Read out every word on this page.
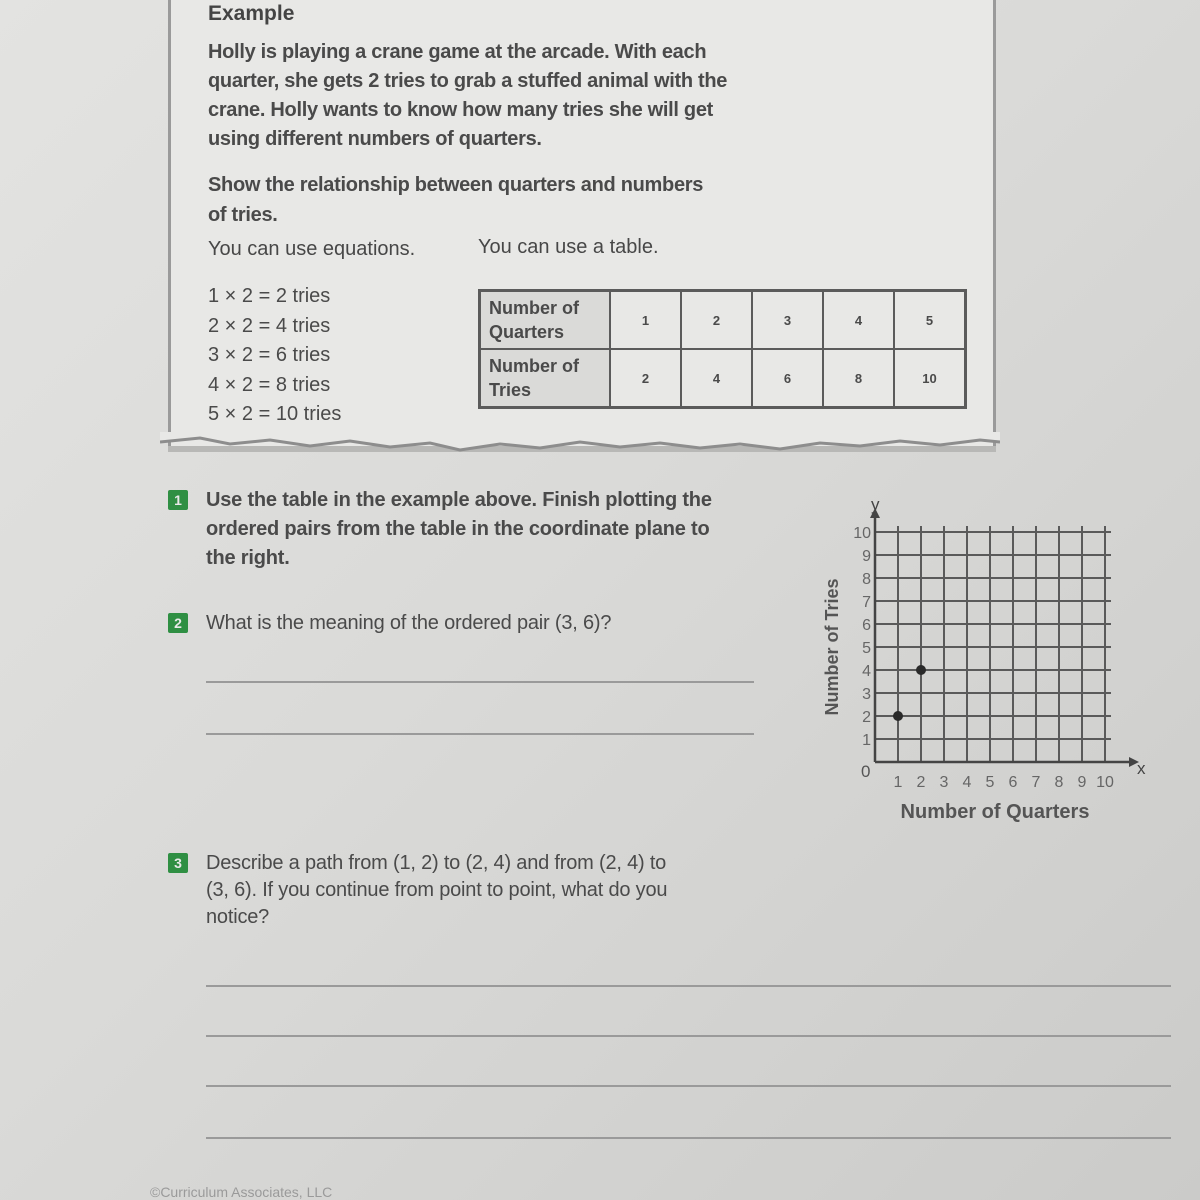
Example
Holly is playing a crane game at the arcade. With each
quarter, she gets 2 tries to grab a stuffed animal with the
crane. Holly wants to know how many tries she will get
using different numbers of quarters.
Show the relationship between quarters and numbers
of tries.
You can use equations.	You can use a table.
1 × 2 = 2 tries
2 × 2 = 4 tries
3 × 2 = 6 tries
4 × 2 = 8 tries
5 × 2 = 10 tries
Number of Quarters	1	2	3	4	5
Number of Tries	2	4	6	8	10
1	Use the table in the example above. Finish plotting the
ordered pairs from the table in the coordinate plane to
the right.
2	What is the meaning of the ordered pair (3, 6)?
x
y
0
1 2 3 4 5 6 7 8 9 10
1
2
3
4
5
6
7
8
9
10
Number of Quarters
Number of Tries
3	Describe a path from (1, 2) to (2, 4) and from (2, 4) to
(3, 6). If you continue from point to point, what do you
notice?
©Curriculum Associates, LLC
